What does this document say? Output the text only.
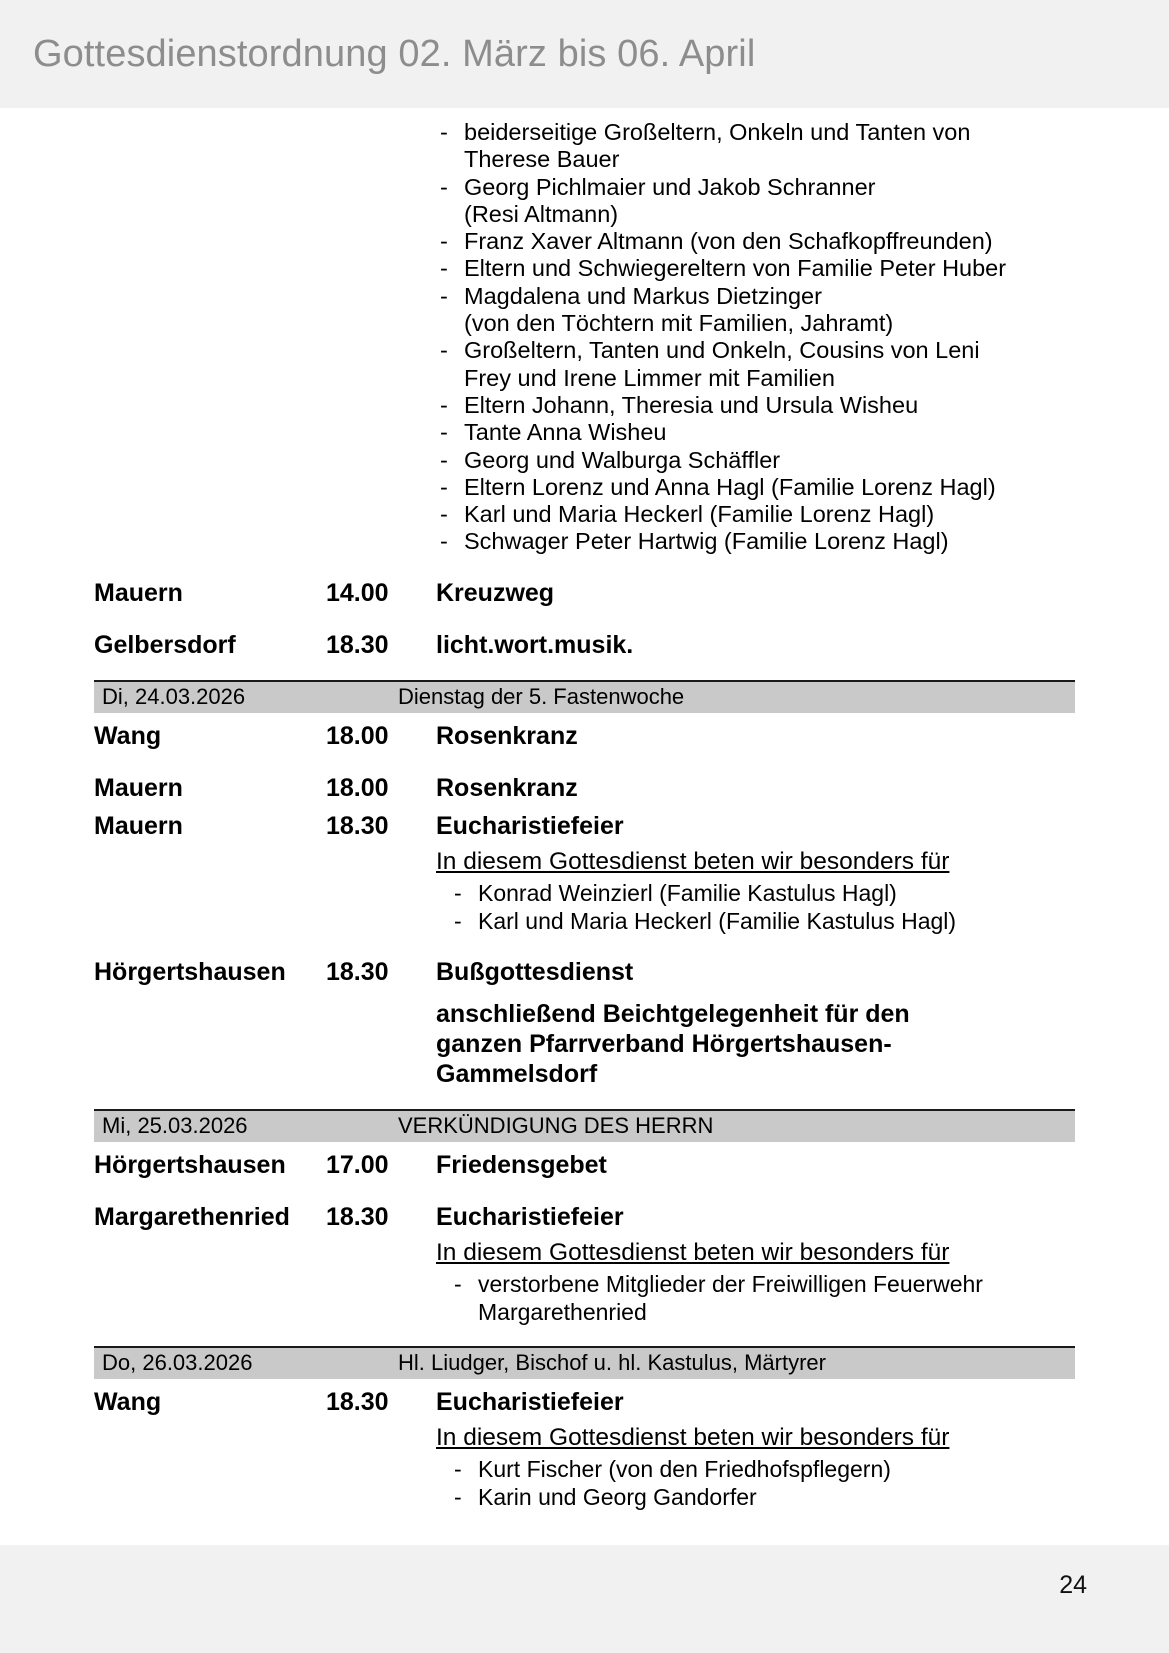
Gottesdienstordnung 02. März bis 06. April
- beiderseitige Großeltern, Onkeln und Tanten von
Therese Bauer
- Georg Pichlmaier und Jakob Schranner
(Resi Altmann)
- Franz Xaver Altmann (von den Schafkopffreunden)
- Eltern und Schwiegereltern von Familie Peter Huber
- Magdalena und Markus Dietzinger
(von den Töchtern mit Familien, Jahramt)
- Großeltern, Tanten und Onkeln, Cousins von Leni
Frey und Irene Limmer mit Familien
- Eltern Johann, Theresia und Ursula Wisheu
- Tante Anna Wisheu
- Georg und Walburga Schäffler
- Eltern Lorenz und Anna Hagl (Familie Lorenz Hagl)
- Karl und Maria Heckerl (Familie Lorenz Hagl)
- Schwager Peter Hartwig (Familie Lorenz Hagl)
Mauern	14.00	Kreuzweg
Gelbersdorf	18.30	licht.wort.musik.
Di, 24.03.2026	Dienstag der 5. Fastenwoche
Wang	18.00	Rosenkranz
Mauern	18.00	Rosenkranz
Mauern	18.30	Eucharistiefeier
In diesem Gottesdienst beten wir besonders für
- Konrad Weinzierl (Familie Kastulus Hagl)
- Karl und Maria Heckerl (Familie Kastulus Hagl)
Hörgertshausen	18.30	Bußgottesdienst
anschließend Beichtgelegenheit für den
ganzen Pfarrverband Hörgertshausen-
Gammelsdorf
Mi, 25.03.2026	VERKÜNDIGUNG DES HERRN
Hörgertshausen	17.00	Friedensgebet
Margarethenried	18.30	Eucharistiefeier
In diesem Gottesdienst beten wir besonders für
- verstorbene Mitglieder der Freiwilligen Feuerwehr
Margarethenried
Do, 26.03.2026	Hl. Liudger, Bischof u. hl. Kastulus, Märtyrer
Wang	18.30	Eucharistiefeier
In diesem Gottesdienst beten wir besonders für
- Kurt Fischer (von den Friedhofspflegern)
- Karin und Georg Gandorfer
24
